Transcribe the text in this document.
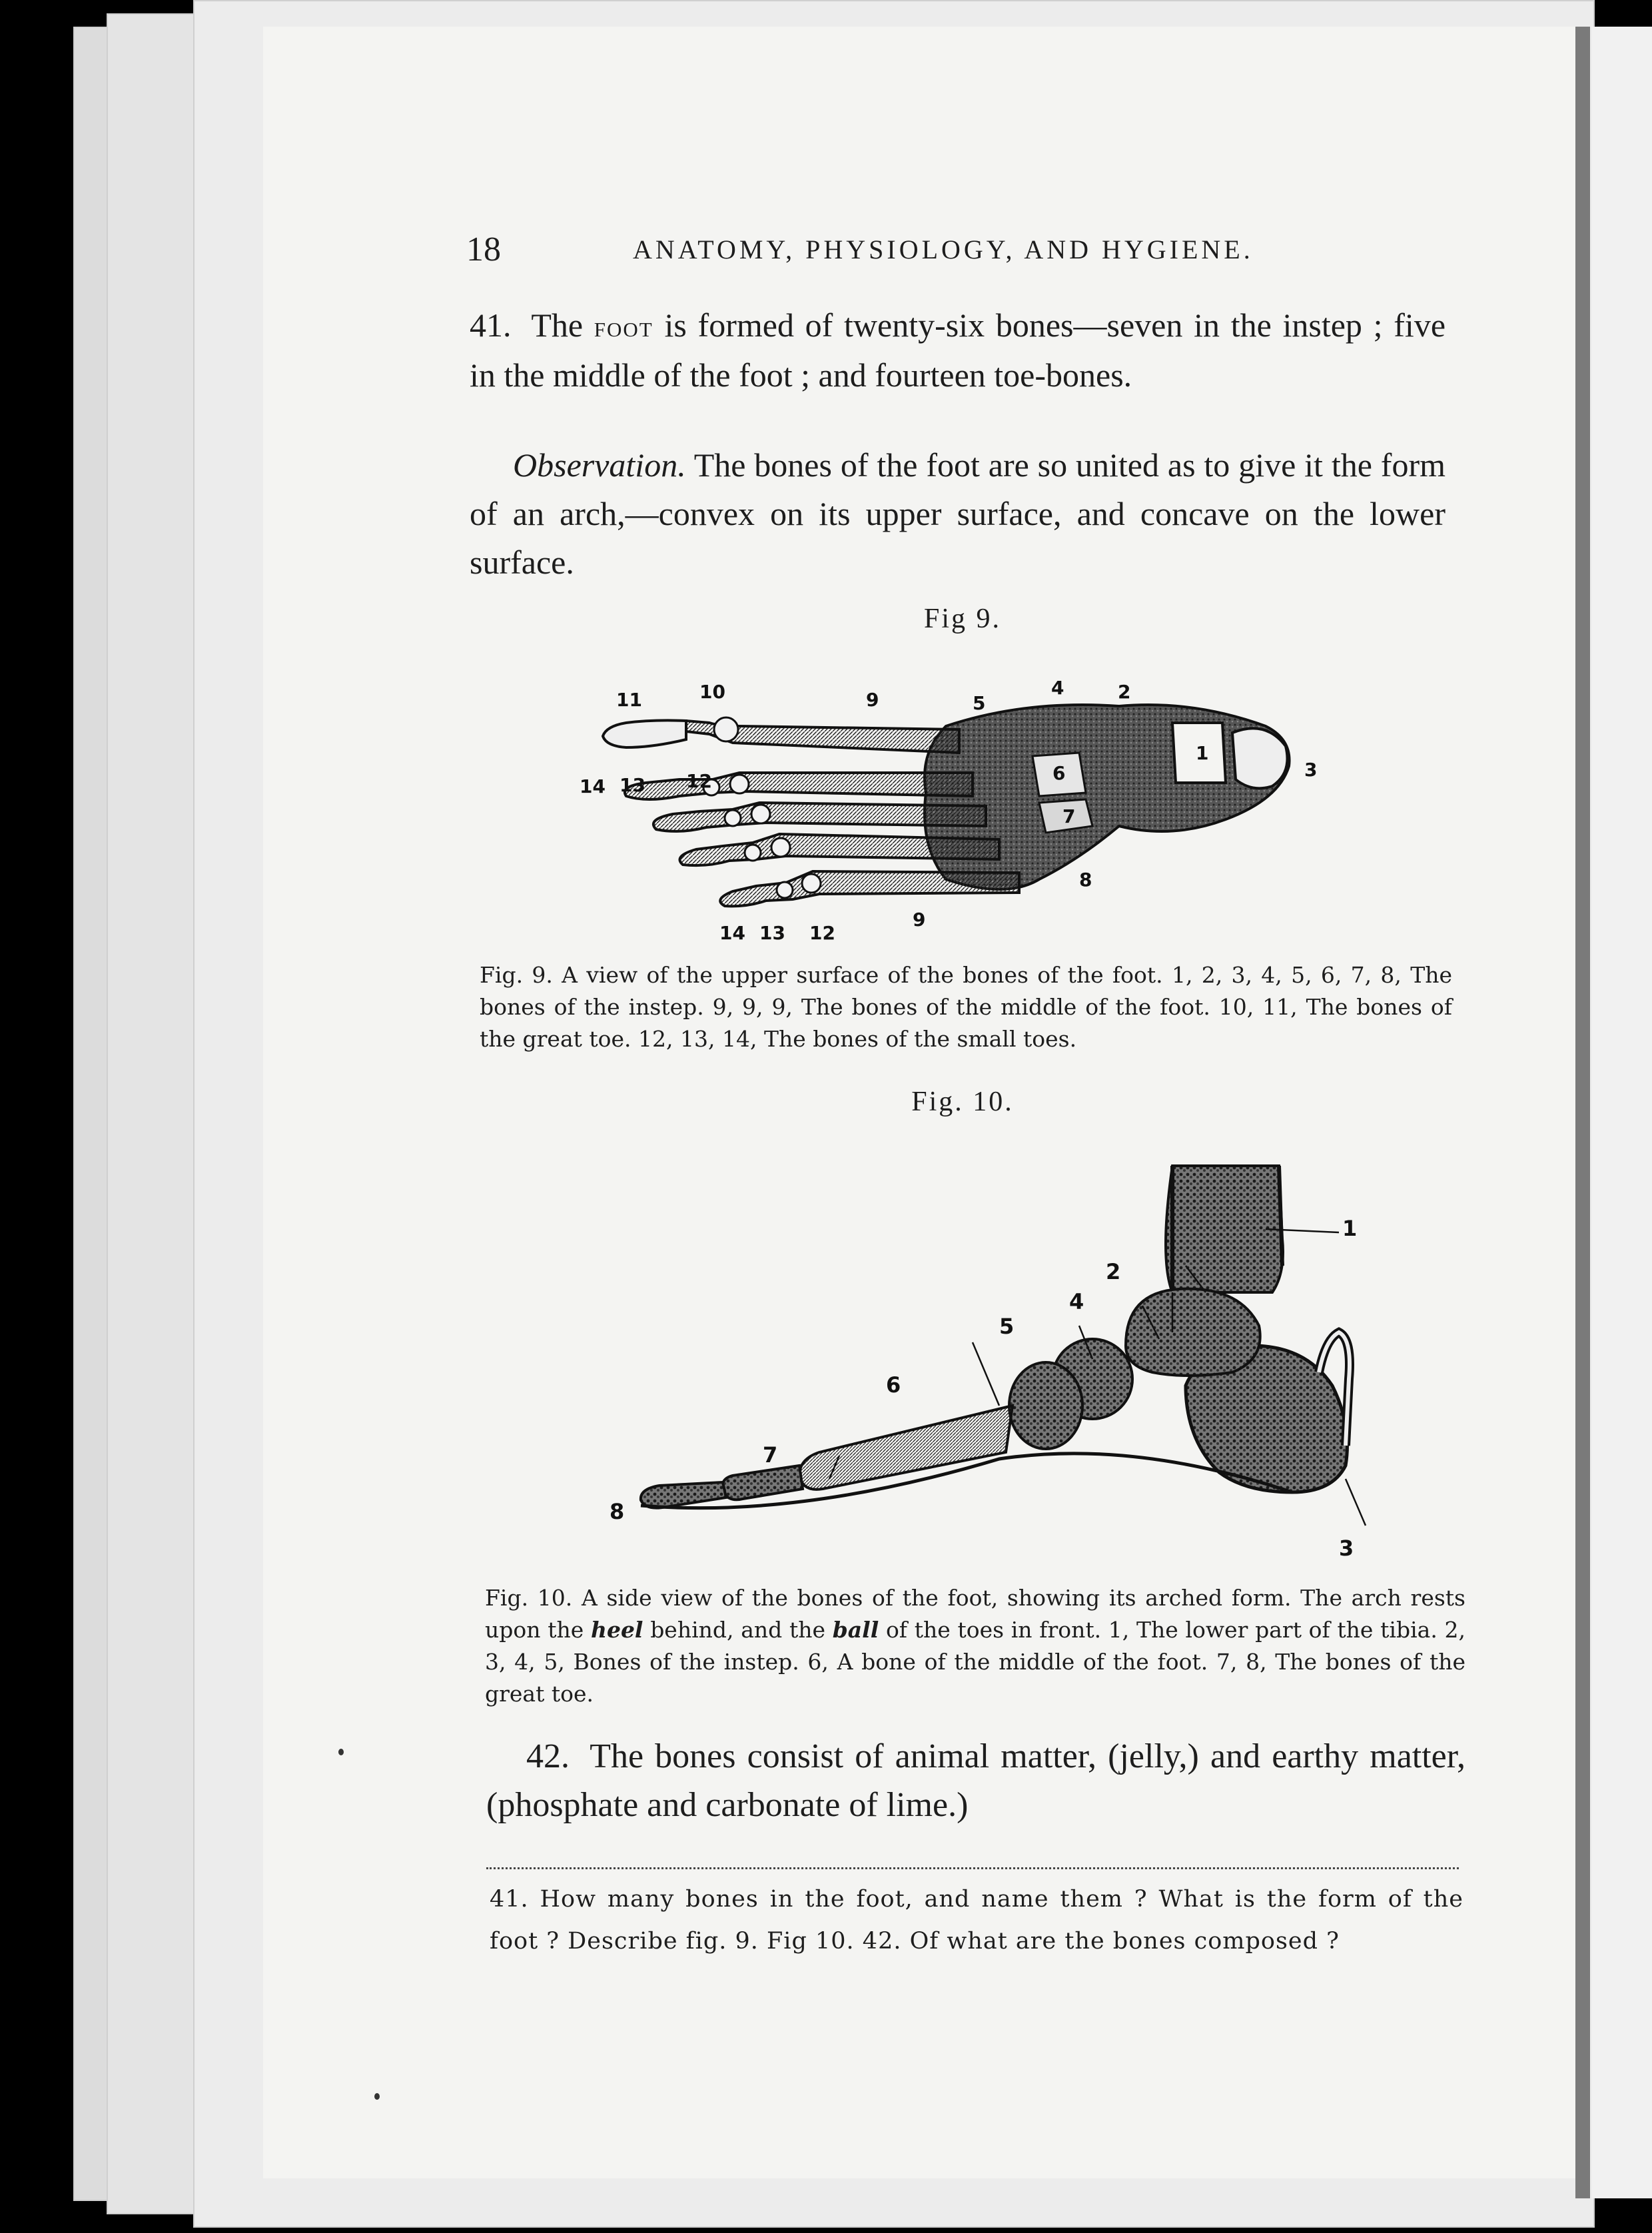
18	ANATOMY, PHYSIOLOGY, AND HYGIENE.
41. The foot is formed of twenty-six bones—seven in the instep ; five in the middle of the foot ; and fourteen toe-bones.
Observation. The bones of the foot are so united as to give it the form of an arch,—convex on its upper surface, and concave on the lower surface.
Fig 9.
11	10	9	5
4	2
1
3
14 13 12	6
7
8
14 13 12
9
Fig. 9. A view of the upper surface of the bones of the foot. 1, 2, 3, 4, 5, 6, 7, 8, The bones of the instep. 9, 9, 9, The bones of the middle of the foot. 10, 11, The bones of the great toe. 12, 13, 14, The bones of the small toes.
Fig. 10.
1
2
4
5
6
7
8
3
Fig. 10. A side view of the bones of the foot, showing its arched form. The arch rests upon the heel behind, and the ball of the toes in front. 1, The lower part of the tibia. 2, 3, 4, 5, Bones of the instep. 6, A bone of the middle of the foot. 7, 8, The bones of the great toe.
42. The bones consist of animal matter, (jelly,) and earthy matter, (phosphate and carbonate of lime.)
41. How many bones in the foot, and name them ? What is the form of the foot ? Describe fig. 9. Fig 10. 42. Of what are the bones composed ?
